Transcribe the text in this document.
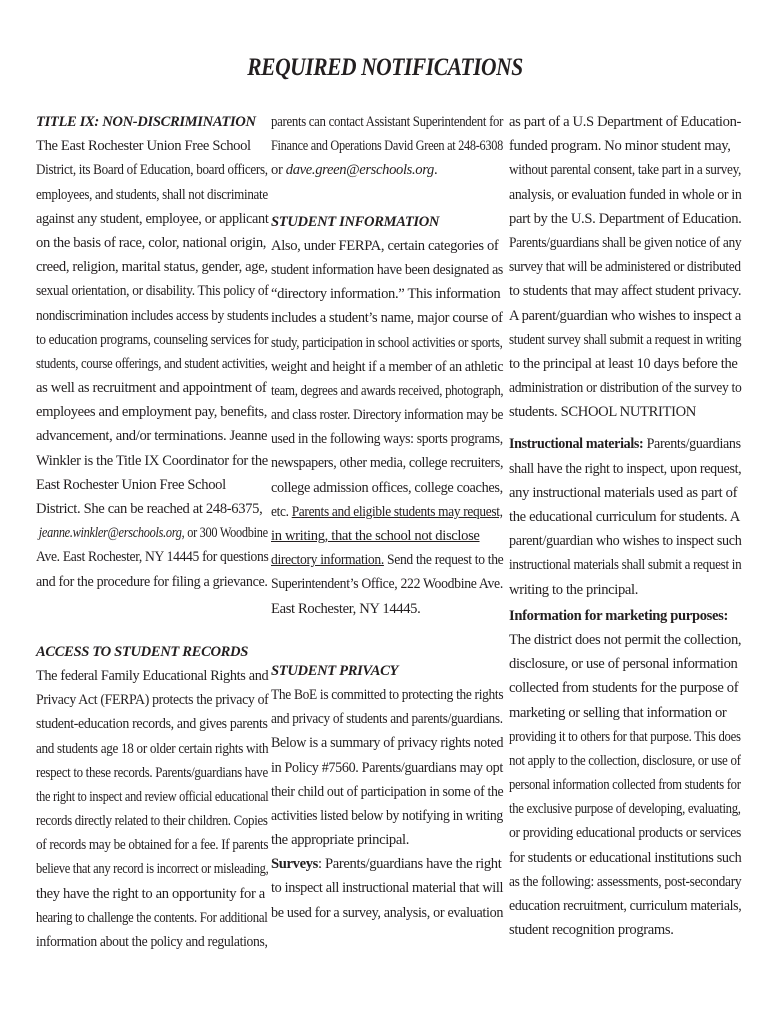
REQUIRED NOTIFICATIONS
TITLE IX: NON-DISCRIMINATION
The East Rochester Union Free School
District, its Board of Education, board officers,
employees, and students, shall not discriminate
against any student, employee, or applicant
on the basis of race, color, national origin,
creed, religion, marital status, gender, age,
sexual orientation, or disability. This policy of
nondiscrimination includes access by students
to education programs, counseling services for
students, course offerings, and student activities,
as well as recruitment and appointment of
employees and employment pay, benefits,
advancement, and/or terminations. Jeanne
Winkler is the Title IX Coordinator for the
East Rochester Union Free School
District. She can be reached at 248-6375,
jeanne.winkler@erschools.org, or 300 Woodbine
Ave. East Rochester, NY 14445 for questions
and for the procedure for filing a grievance.
ACCESS TO STUDENT RECORDS
The federal Family Educational Rights and
Privacy Act (FERPA) protects the privacy of
student-education records, and gives parents
and students age 18 or older certain rights with
respect to these records. Parents/guardians have
the right to inspect and review official educational
records directly related to their children. Copies
of records may be obtained for a fee. If parents
believe that any record is incorrect or misleading,
they have the right to an opportunity for a
hearing to challenge the contents. For additional
information about the policy and regulations,
parents can contact Assistant Superintendent for
Finance and Operations David Green at 248-6308
or dave.green@erschools.org.
STUDENT INFORMATION
Also, under FERPA, certain categories of
student information have been designated as
“directory information.” This information
includes a student’s name, major course of
study, participation in school activities or sports,
weight and height if a member of an athletic
team, degrees and awards received, photograph,
and class roster. Directory information may be
used in the following ways: sports programs,
newspapers, other media, college recruiters,
college admission offices, college coaches,
etc. Parents and eligible students may request,
in writing, that the school not disclose
directory information. Send the request to the
Superintendent’s Office, 222 Woodbine Ave.
East Rochester, NY 14445.
STUDENT PRIVACY
The BoE is committed to protecting the rights
and privacy of students and parents/guardians.
Below is a summary of privacy rights noted
in Policy #7560. Parents/guardians may opt
their child out of participation in some of the
activities listed below by notifying in writing
the appropriate principal.
Surveys: Parents/guardians have the right
to inspect all instructional material that will
be used for a survey, analysis, or evaluation
as part of a U.S Department of Education-
funded program. No minor student may,
without parental consent, take part in a survey,
analysis, or evaluation funded in whole or in
part by the U.S. Department of Education.
Parents/guardians shall be given notice of any
survey that will be administered or distributed
to students that may affect student privacy.
A parent/guardian who wishes to inspect a
student survey shall submit a request in writing
to the principal at least 10 days before the
administration or distribution of the survey to
students. SCHOOL NUTRITION
Instructional materials: Parents/guardians
shall have the right to inspect, upon request,
any instructional materials used as part of
the educational curriculum for students. A
parent/guardian who wishes to inspect such
instructional materials shall submit a request in
writing to the principal.
Information for marketing purposes:
The district does not permit the collection,
disclosure, or use of personal information
collected from students for the purpose of
marketing or selling that information or
providing it to others for that purpose. This does
not apply to the collection, disclosure, or use of
personal information collected from students for
the exclusive purpose of developing, evaluating,
or providing educational products or services
for students or educational institutions such
as the following: assessments, post-secondary
education recruitment, curriculum materials,
student recognition programs.
